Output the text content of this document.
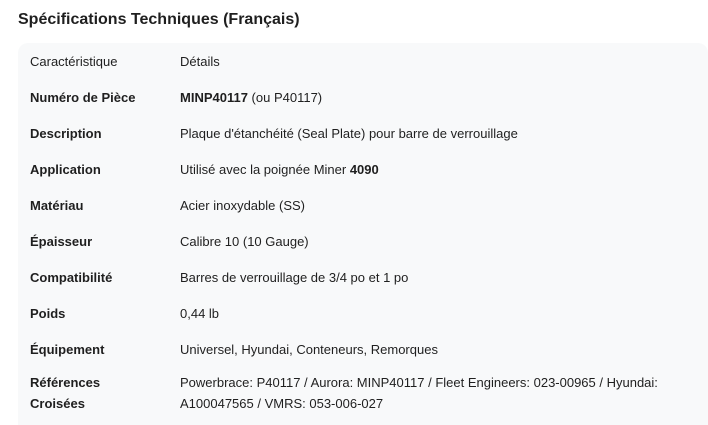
Spécifications Techniques (Français)
Caractéristique	Détails
Numéro de Pièce	MINP40117 (ou P40117)
Description	Plaque d'étanchéité (Seal Plate) pour barre de verrouillage
Application	Utilisé avec la poignée Miner 4090
Matériau	Acier inoxydable (SS)
Épaisseur	Calibre 10 (10 Gauge)
Compatibilité	Barres de verrouillage de 3/4 po et 1 po
Poids	0,44 lb
Équipement	Universel, Hyundai, Conteneurs, Remorques
Références
Croisées	Powerbrace: P40117 / Aurora: MINP40117 / Fleet Engineers: 023-00965 / Hyundai: A100047565 / VMRS: 053-006-027
